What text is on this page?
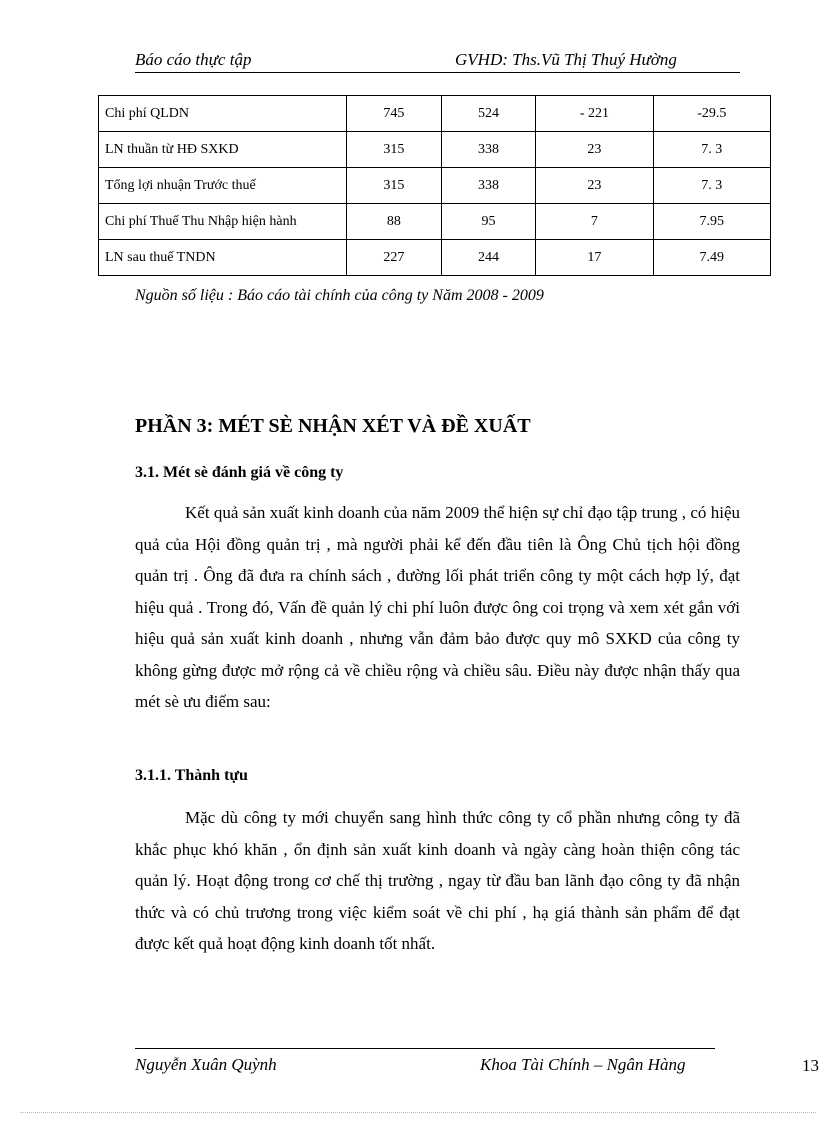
Báo cáo thực tập	GVHD: Ths.Vũ Thị Thuý Hường
Chi phí QLDN	745	524	- 221	-29.5
LN thuần từ HĐ SXKD	315	338	23	7. 3
Tổng lợi nhuận Trước thuế	315	338	23	7. 3
Chi phí Thuế Thu Nhập hiện hành	88	95	7	7.95
LN sau thuế TNDN	227	244	17	7.49
Nguồn số liệu : Báo cáo tài chính của công ty Năm 2008 - 2009
PHẦN 3: MÉT SÈ NHẬN XÉT VÀ ĐỀ XUẤT
3.1. Mét sè đánh giá về công ty

Kết quả sản xuất kinh doanh của năm 2009 thể hiện sự chỉ đạo tập trung , có hiệu quả của Hội đồng quản trị , mà người phải kể đến đầu tiên là Ông Chủ tịch hội đồng quản trị . Ông đã đưa ra chính sách , đường lối phát triển công ty một cách hợp lý, đạt hiệu quả . Trong đó, Vấn đề quản lý chi phí luôn được ông coi trọng và xem xét gắn với hiệu quả sản xuất kinh doanh , nhưng vẫn đảm bảo được quy mô SXKD của công ty không gừng được mở rộng cả về chiều rộng và chiều sâu. Điều này được nhận thấy qua mét sè ưu điểm sau:

3.1.1. Thành tựu

Mặc dù công ty mới chuyển sang hình thức công ty cổ phần nhưng công ty đã khắc phục khó khăn , ổn định sản xuất kinh doanh và ngày càng hoàn thiện công tác quản lý. Hoạt động trong cơ chế thị trường , ngay từ đầu ban lãnh đạo công ty đã nhận thức và có chủ trương trong việc kiểm soát về chi phí , hạ giá thành sản phẩm để đạt được kết quả hoạt động kinh doanh tốt nhất.

Nguyễn Xuân Quỳnh	Khoa Tài Chính – Ngân Hàng	13
